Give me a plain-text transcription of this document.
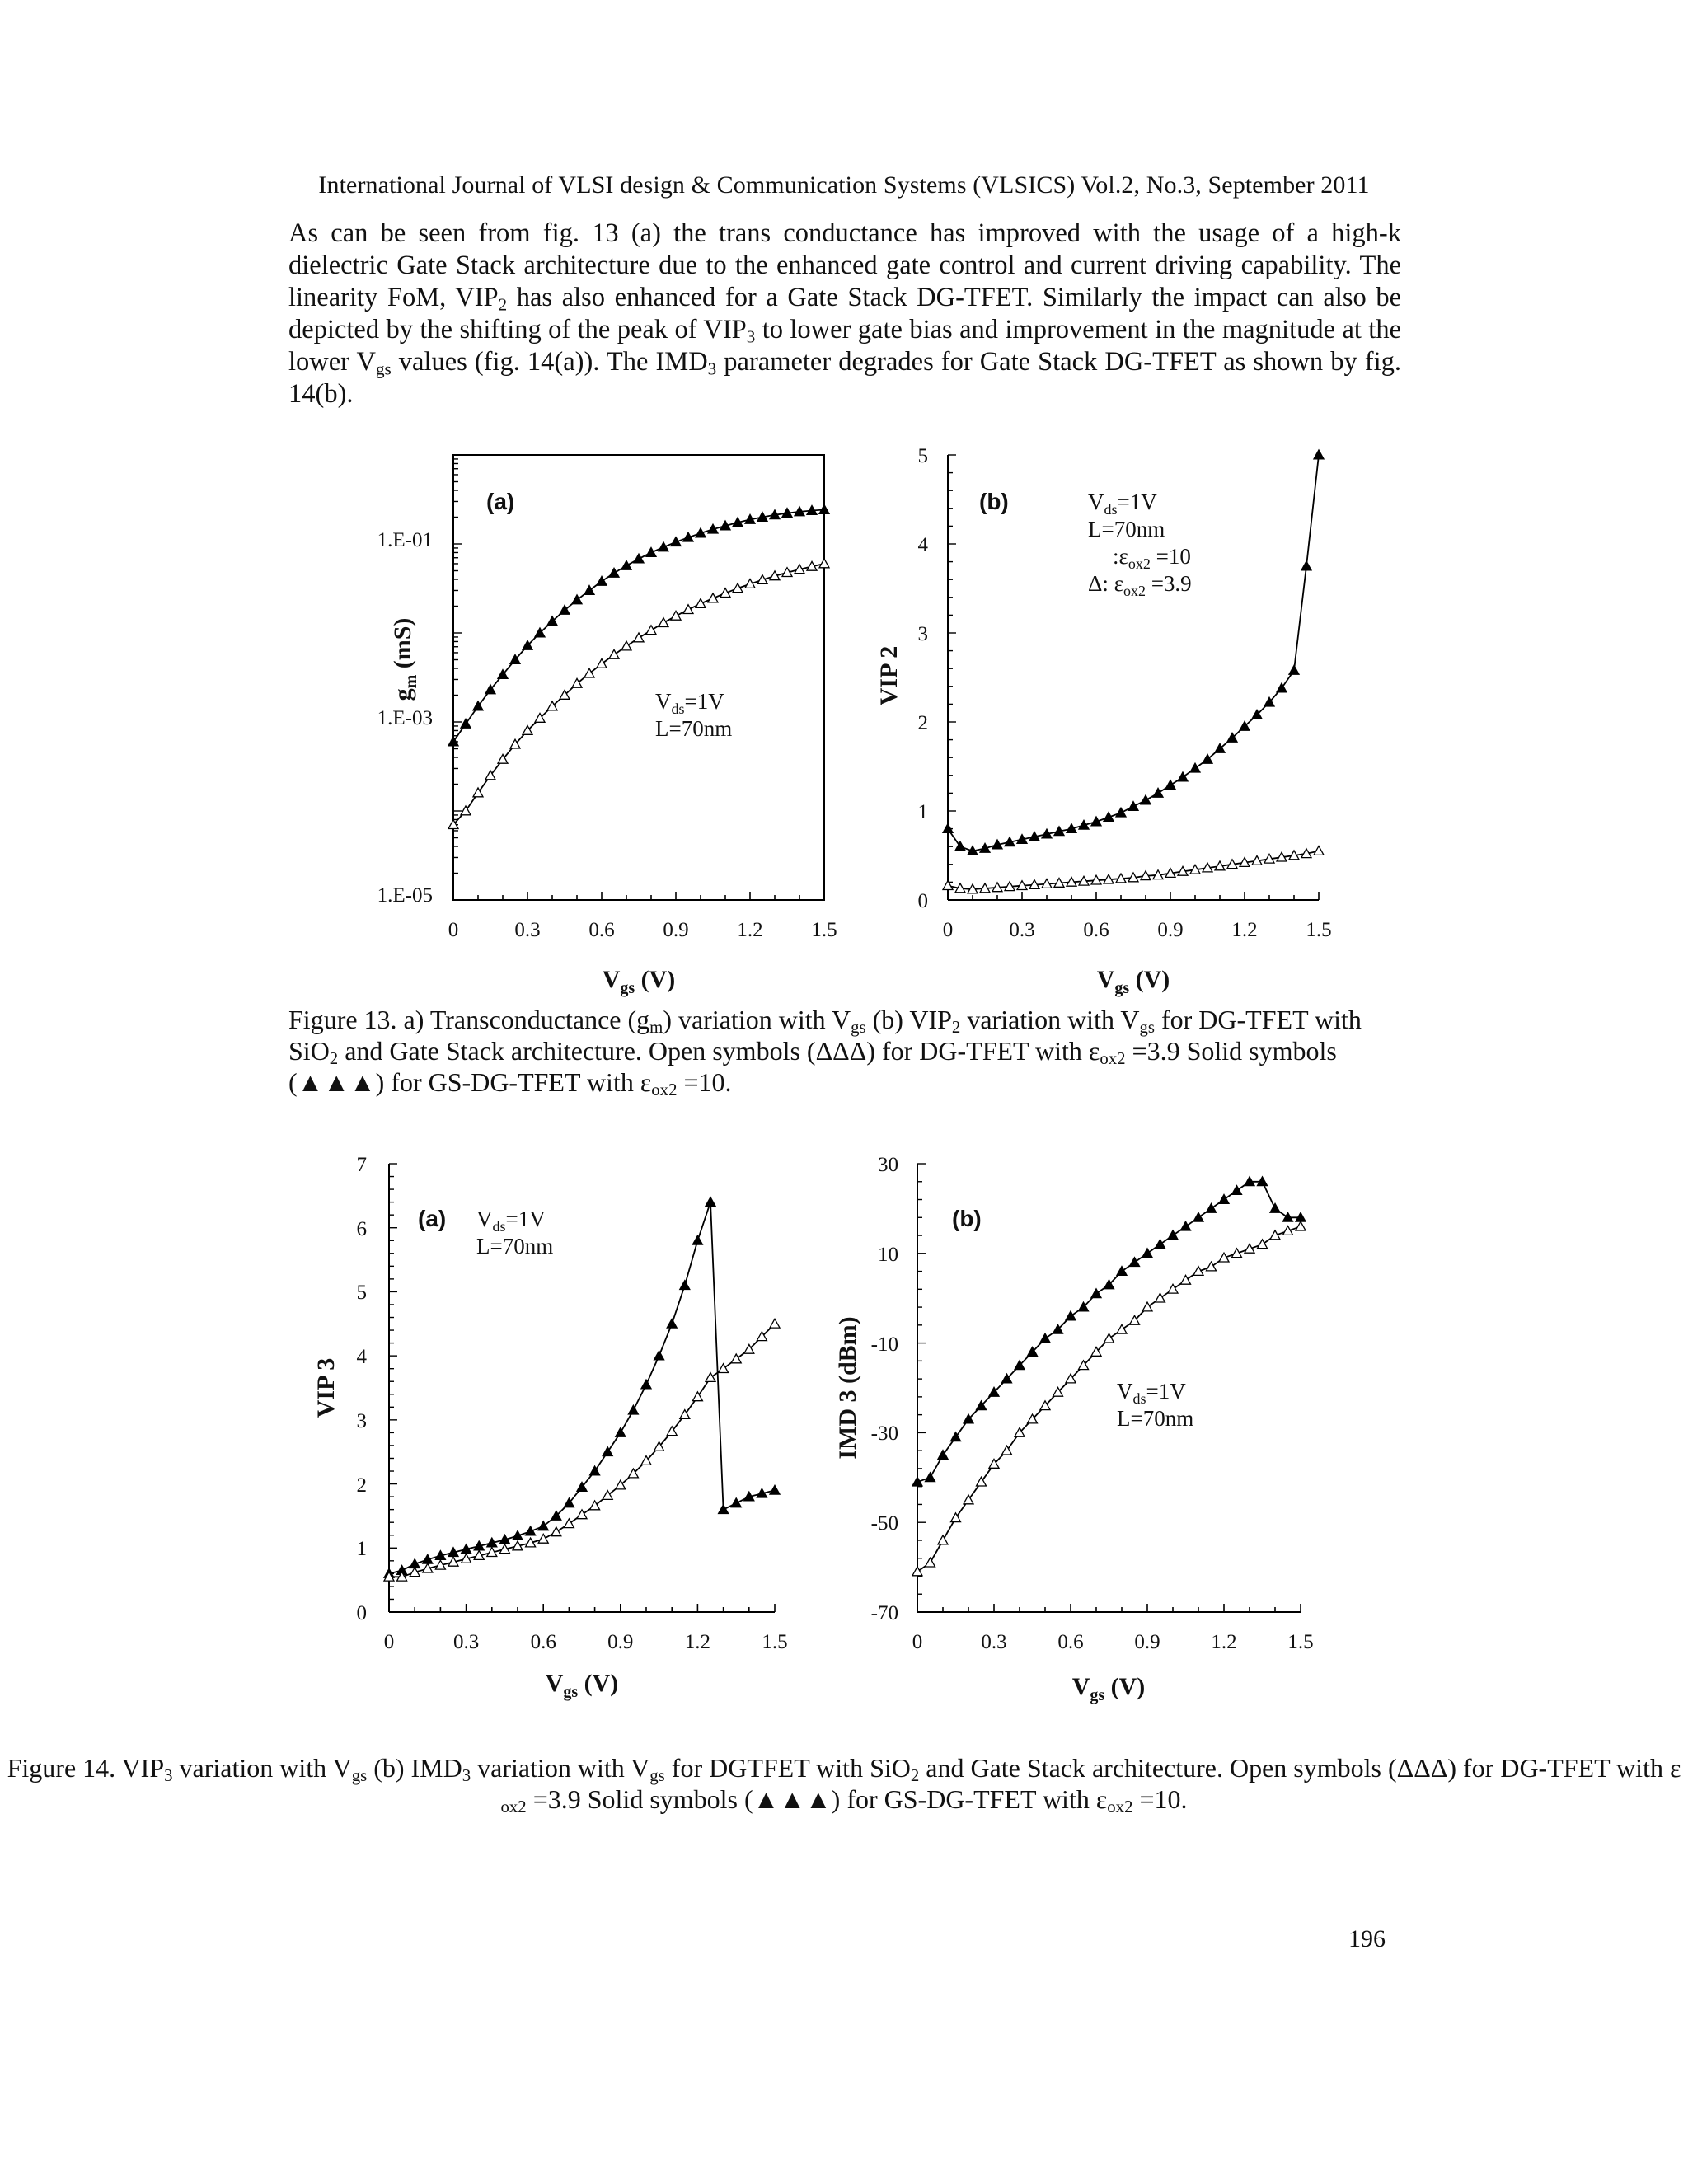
International Journal of VLSI design & Communication Systems (VLSICS) Vol.2, No.3, September 2011

As can be seen from fig. 13 (a) the trans conductance has improved with the usage of a high-k dielectric Gate Stack architecture due to the enhanced gate control and current driving capability. The linearity FoM, $VIP_2$ has also enhanced for a Gate Stack DG-TFET. Similarly the impact can also be depicted by the shifting of the peak of $VIP_3$ to lower gate bias and improvement in the magnitude at the lower $V_{gs}$ values (fig. 14(a)). The $IMD_3$ parameter degrades for Gate Stack DG-TFET as shown by fig. 14(b).

1.E-01
1.E-03
1.E-05
0	0.3 0.6 0.9 1.2 1.5
$V_{gs}$ (V)
$g_m$ (mS)
(a)
$V_{ds}=1V$
L=70nm
0
1
2
3
4
5
0	0.3 0.6 0.9 1.2 1.5
$V_{gs}$ (V)
VIP 2
(b)	$V_{ds}=1V$
L=70nm
$:\varepsilon_{ox2} =10$
Δ: $\varepsilon_{ox2} =3.9$
0
1
2
3
4
5
6
7
0	0.3 0.6 0.9 1.2 1.5
$V_{gs}$ (V)
VIP 3
(a) $V_{ds}=1V$
L=70nm
-70
-50
-30
-10
10
30
0	0.3 0.6 0.9 1.2 1.5
$V_{gs}$ (V)
IMD 3 (dBm)
(b)
$V_{ds}=1V$
L=70nm
Figure 13. a) Transconductance $(g_m)$ variation with $V_{gs}$ (b) $VIP_2$ variation with $V_{gs}$ for DG-TFET with SiO$_2$ and Gate Stack architecture. Open symbols (ΔΔΔ) for DG-TFET with $\varepsilon_{ox2} =3.9$ Solid symbols (▲▲▲) for GS-DG-TFET with $\varepsilon_{ox2} =10$.
Figure 14. $VIP_3$ variation with $V_{gs}$ (b) $IMD_3$ variation with $V_{gs}$ for DGTFET with SiO$_2$ and Gate Stack architecture. Open symbols (ΔΔΔ) for DG-TFET with ε
$_{ox2}$ =3.9 Solid symbols (▲▲▲) for GS-DG-TFET with $\varepsilon_{ox2} =10$.
196
